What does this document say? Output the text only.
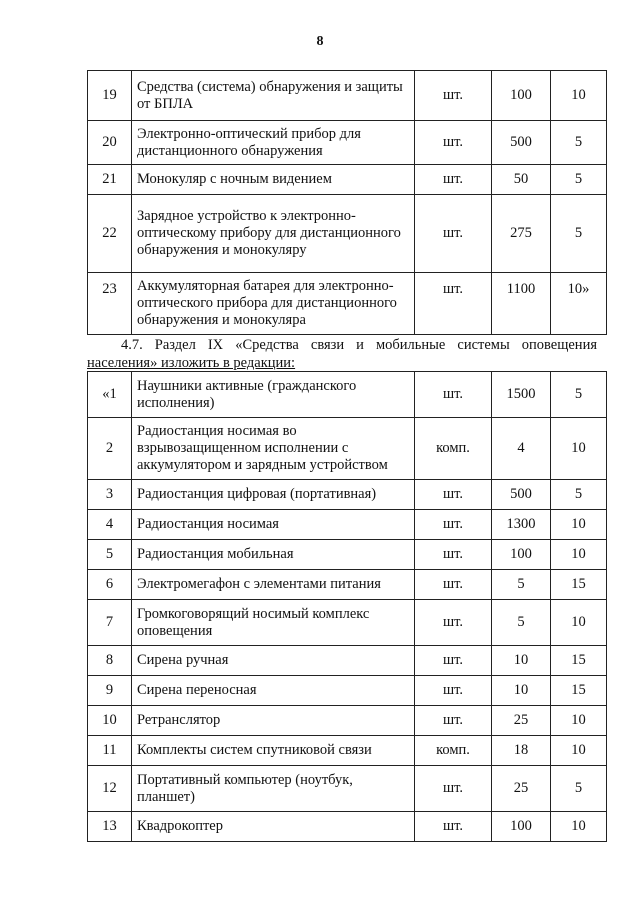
8
19	Средства (система) обнаружения и защиты от БПЛА	шт.	100	10
20	Электронно-оптический прибор для дистанционного обнаружения	шт.	500	5
21	Монокуляр с ночным видением	шт.	50	5
22	Зарядное устройство к электронно-оптическому прибору для дистанционного обнаружения и монокуляру	шт.	275	5
23	Аккумуляторная батарея для электронно-оптического прибора для дистанционного обнаружения и монокуляра	шт.	1100	10»
4.7. Раздел IX «Средства связи и мобильные системы оповещения
населения» изложить в редакции:
«1	Наушники активные (гражданского исполнения)	шт.	1500	5
2	Радиостанция носимая во взрывозащищенном исполнении с аккумулятором и зарядным устройством	комп.	4	10
3	Радиостанция цифровая (портативная)	шт.	500	5
4	Радиостанция носимая	шт.	1300	10
5	Радиостанция мобильная	шт.	100	10
6	Электромегафон с элементами питания	шт.	5	15
7	Громкоговорящий носимый комплекс оповещения	шт.	5	10
8	Сирена ручная	шт.	10	15
9	Сирена переносная	шт.	10	15
10	Ретранслятор	шт.	25	10
11	Комплекты систем спутниковой связи	комп.	18	10
12	Портативный компьютер (ноутбук, планшет)	шт.	25	5
13	Квадрокоптер	шт.	100	10
